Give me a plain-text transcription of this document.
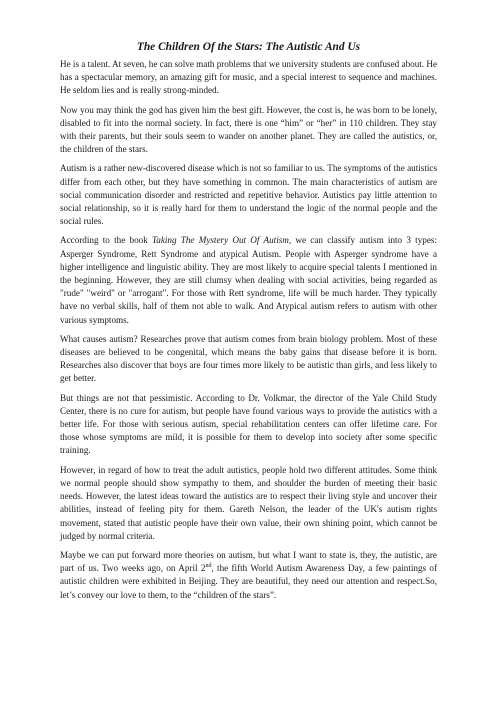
The Children Of the Stars: The Autistic And Us

He is a talent. At seven, he can solve math problems that we university students are confused about. He has a spectacular memory, an amazing gift for music, and a special interest to sequence and machines. He seldom lies and is really strong-minded.

Now you may think the god has given him the best gift. However, the cost is, he was born to be lonely, disabled to fit into the normal society. In fact, there is one “him” or “her” in 110 children. They stay with their parents, but their souls seem to wander on another planet. They are called the autistics, or, the children of the stars.

Autism is a rather new-discovered disease which is not so familiar to us. The symptoms of the autistics differ from each other, but they have something in common. The main characteristics of autism are social communication disorder and restricted and repetitive behavior. Autistics pay little attention to social relationship, so it is really hard for them to understand the logic of the normal people and the social rules.

According to the book Taking The Mystery Out Of Autism, we can classify autism into 3 types: Asperger Syndrome, Rett Syndrome and atypical Autism. People with Asperger syndrome have a higher intelligence and linguistic ability. They are most likely to acquire special talents I mentioned in the beginning. However, they are still clumsy when dealing with social activities, being regarded as "rude" "weird" or "arrogant". For those with Rett syndrome, life will be much harder. They typically have no verbal skills, half of them not able to walk. And Atypical autism refers to autism with other various symptoms.

What causes autism? Researches prove that autism comes from brain biology problem. Most of these diseases are believed to be congenital, which means the baby gains that disease before it is born. Researches also discover that boys are four times more likely to be autistic than girls, and less likely to get better.

But things are not that pessimistic. According to Dr. Volkmar, the director of the Yale Child Study Center, there is no cure for autism, but people have found various ways to provide the autistics with a better life. For those with serious autism, special rehabilitation centers can offer lifetime care. For those whose symptoms are mild, it is possible for them to develop into society after some specific training.

However, in regard of how to treat the adult autistics, people hold two different attitudes. Some think we normal people should show sympathy to them, and shoulder the burden of meeting their basic needs. However, the latest ideas toward the autistics are to respect their living style and uncover their abilities, instead of feeling pity for them. Gareth Nelson, the leader of the UK's autism rights movement, stated that autistic people have their own value, their own shining point, which cannot be judged by normal criteria.

Maybe we can put forward more theories on autism, but what I want to state is, they, the autistic, are part of us. Two weeks ago, on April 2nd, the fifth World Autism Awareness Day, a few paintings of autistic children were exhibited in Beijing. They are beautiful, they need our attention and respect.So, let’s convey our love to them, to the “children of the stars”.
